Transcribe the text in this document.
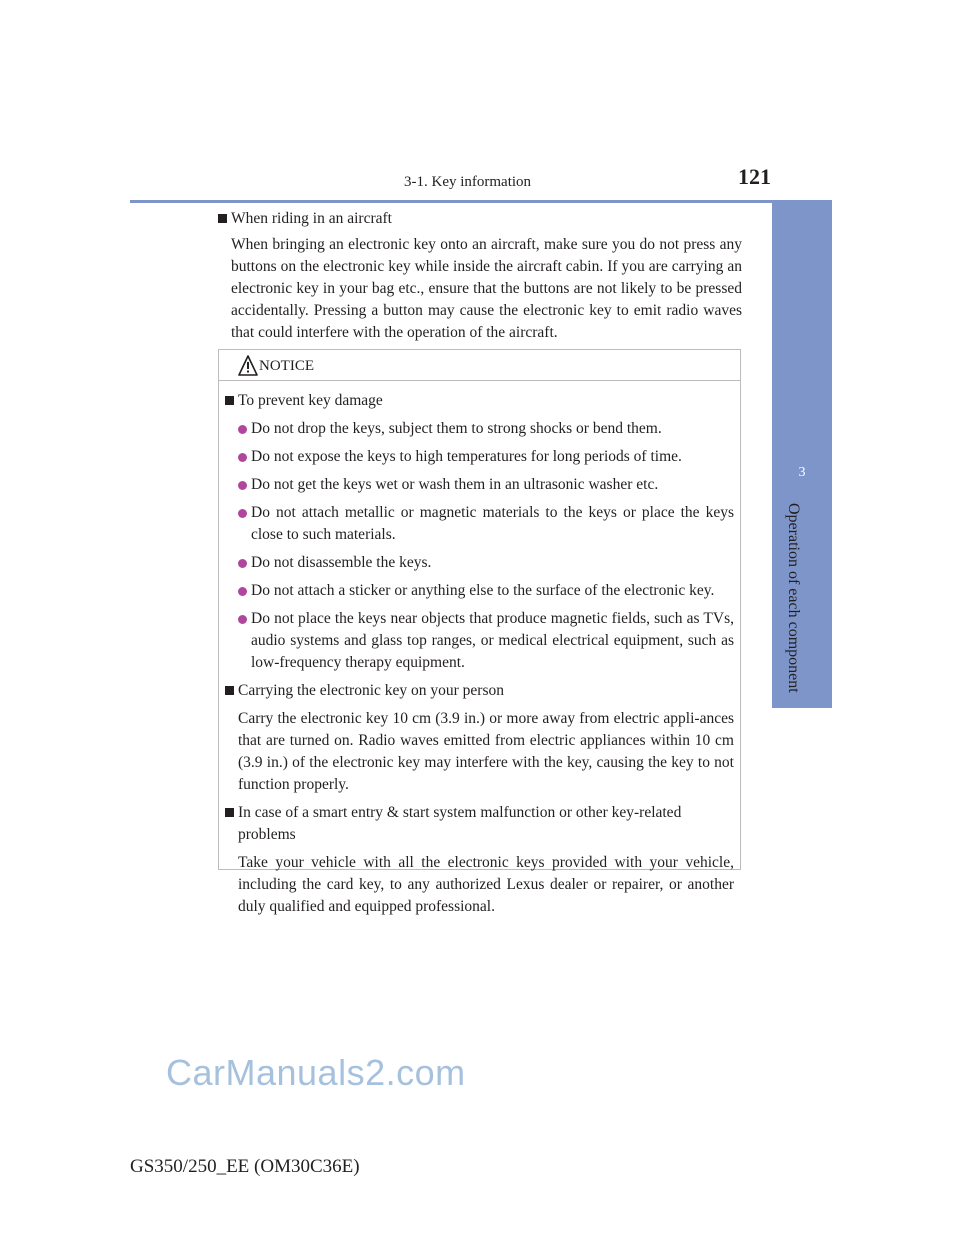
3-1. Key information	121
3
Operation of each component
When riding in an aircraft
When bringing an electronic key onto an aircraft, make sure you do not press any buttons on the electronic key while inside the aircraft cabin. If you are carrying an electronic key in your bag etc., ensure that the buttons are not likely to be pressed accidentally. Pressing a button may cause the electronic key to emit radio waves that could interfere with the operation of the aircraft.
NOTICE
To prevent key damage
Do not drop the keys, subject them to strong shocks or bend them.
Do not expose the keys to high temperatures for long periods of time.
Do not get the keys wet or wash them in an ultrasonic washer etc.
Do not attach metallic or magnetic materials to the keys or place the keys close to such materials.
Do not disassemble the keys.
Do not attach a sticker or anything else to the surface of the electronic key.
Do not place the keys near objects that produce magnetic fields, such as TVs, audio systems and glass top ranges, or medical electrical equipment, such as low-frequency therapy equipment.
Carrying the electronic key on your person
Carry the electronic key 10 cm (3.9 in.) or more away from electric appli-ances that are turned on. Radio waves emitted from electric appliances within 10 cm (3.9 in.) of the electronic key may interfere with the key, causing the key to not function properly.
In case of a smart entry & start system malfunction or other key-related problems
Take your vehicle with all the electronic keys provided with your vehicle, including the card key, to any authorized Lexus dealer or repairer, or another duly qualified and equipped professional.
CarManuals2.com
GS350/250_EE (OM30C36E)
